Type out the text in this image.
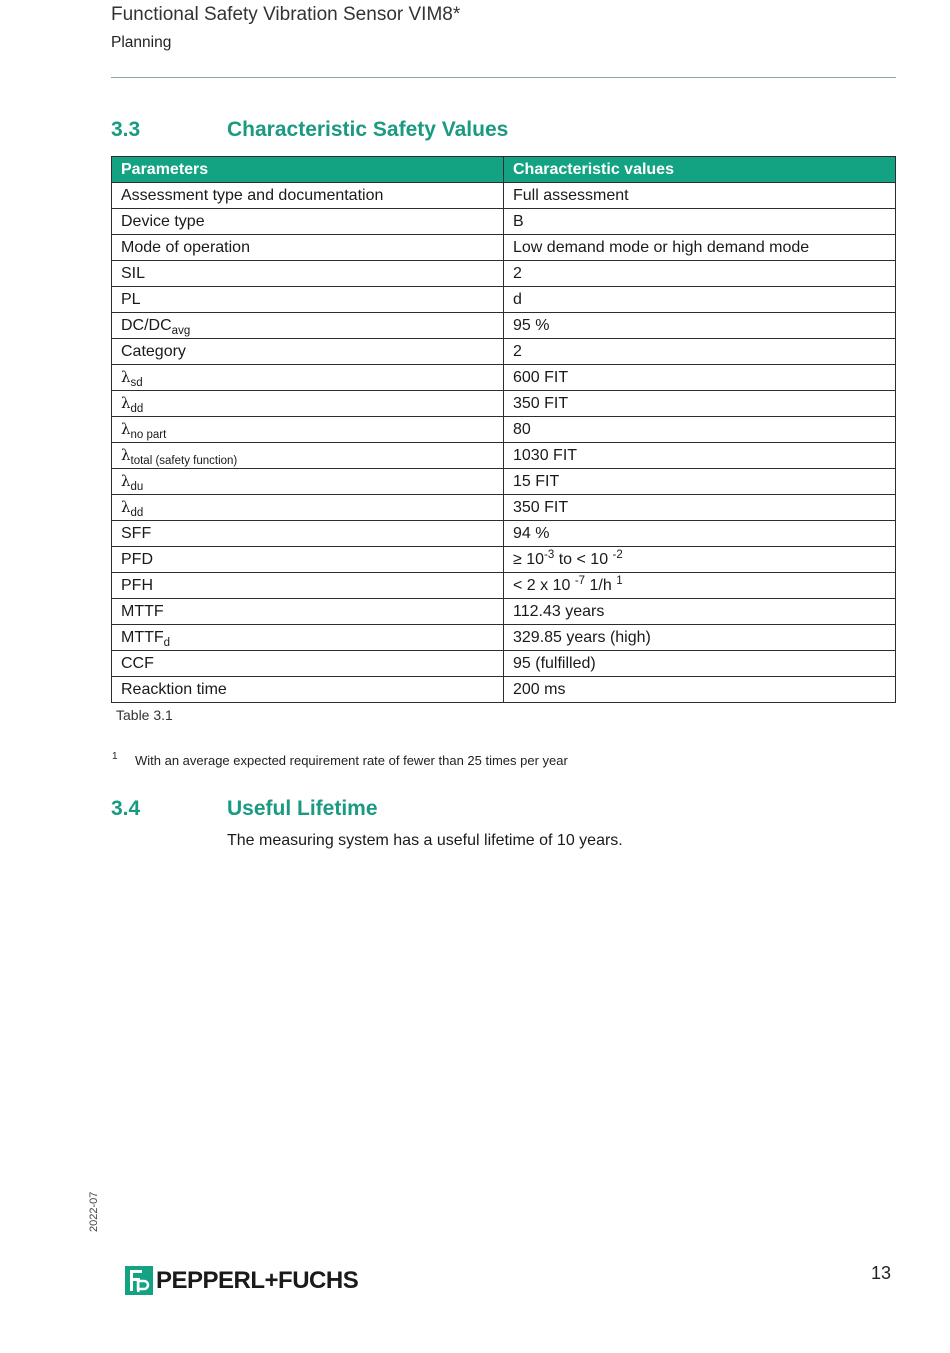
Functional Safety Vibration Sensor VIM8*
Planning
3.3	Characteristic Safety Values
Parameters	Characteristic values
Assessment type and documentation	Full assessment
Device type	B
Mode of operation	Low demand mode or high demand mode
SIL	2
PL	d
$DC/DC_{avg}$	95 %
Category	2
$\lambda_{sd}$	600 FIT
$\lambda_{dd}$	350 FIT
$\lambda_{no part}$	80
$\lambda_{total (safety function)}$	1030 FIT
$\lambda_{du}$	15 FIT
$\lambda_{dd}$	350 FIT
SFF	94 %
PFD	≥ $10^{-3}$ to < 10 $^{-2}$
PFH	< 2 x 10 $^{-7}$ 1/h $^1$
MTTF	112.43 years
$MTTF_d$	329.85 years (high)
CCF	95 (fulfilled)
Reacktion time	200 ms
Table 3.1
1 With an average expected requirement rate of fewer than 25 times per year
3.4	Useful Lifetime
The measuring system has a useful lifetime of 10 years.
2022-07
PEPPERL+FUCHS	13
